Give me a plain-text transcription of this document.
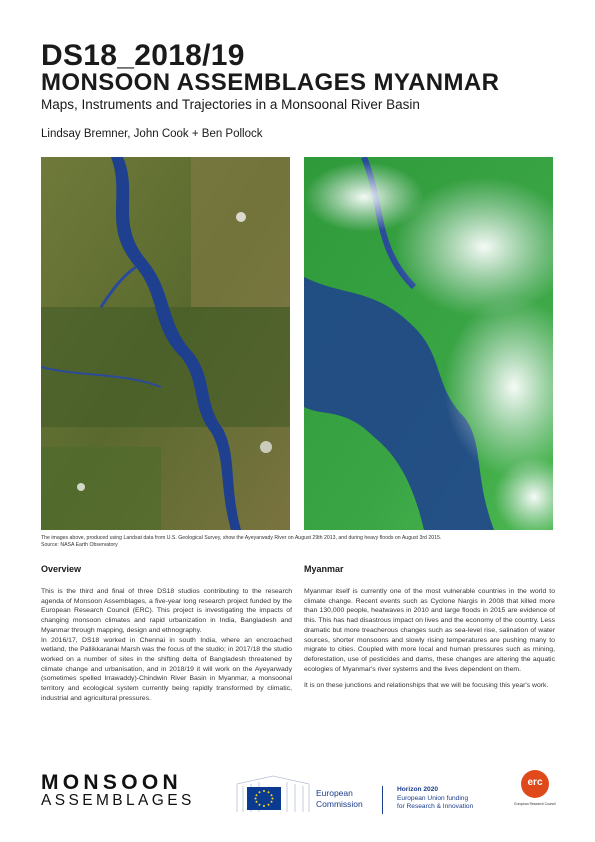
DS18_2018/19
MONSOON ASSEMBLAGES MYANMAR
Maps, Instruments and Trajectories in a Monsoonal River Basin
Lindsay Bremner, John Cook + Ben Pollock
The images above, produced using Landsat data from U.S. Geological Survey, show the Ayeyarwady River on August 29th 2013, and during heavy floods on August 3rd 2015.
Source: NASA Earth Observatory
Overview

This is the third and final of three DS18 studios contributing to the research agenda of Monsoon Assemblages, a five-year long research project funded by the European Research Council (ERC). This project is investigating the impacts of changing monsoon climates and rapid urbanization in India, Bangladesh and Myanmar through mapping, design and ethnography.

In 2016/17, DS18 worked in Chennai in south India, where an encroached wetland, the Pallikkaranai Marsh was the focus of the studio; in 2017/18 the studio worked on a number of sites in the shifting delta of Bangladesh threatened by climate change and urbanisation, and in 2018/19 it will work on the Ayeyarwady (sometimes spelled Irrawaddy)-Chindwin River Basin in Myanmar, a monsoonal territory and ecological system currently being rapidly transformed by climatic, industrial and agricultural pressures.

Myanmar

Myanmar itself is currently one of the most vulnerable countries in the world to climate change. Recent events such as Cyclone Nargis in 2008 that killed more than 130,000 people, heatwaves in 2010 and large floods in 2015 are evidence of this. This has had disastrous impact on lives and the economy of the country. Less dramatic but more treacherous changes such as sea-level rise, salination of water sources, shorter monsoons and slowly rising temperatures are pushing many to migrate to cities. Coupled with more local and human pressures such as mining, deforestation, use of pesticides and dams, these changes are altering the aquatic ecologies of Myanmar's river systems and the lives dependent on them.

It is on these junctions and relationships that we will be focusing this year's work.

MONSOON
ASSEMBLAGES	European
Commission
Horizon 2020
European Union funding
for Research & Innovation
erc
European Research Council
